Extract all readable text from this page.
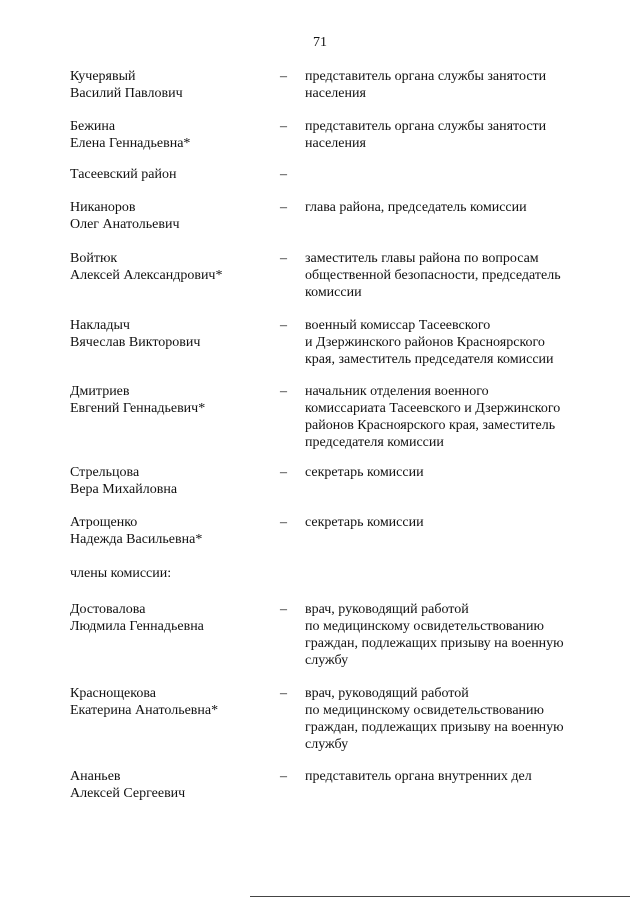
71
Кучерявый
Василий Павлович
– представитель органа службы занятости
населения
Бежина
Елена Геннадьевна*
– представитель органа службы занятости
населения
Тасеевский район	–
Никаноров
Олег Анатольевич
– глава района, председатель комиссии
Войтюк
Алексей Александрович*
– заместитель главы района по вопросам
общественной безопасности, председатель
комиссии
Накладыч
Вячеслав Викторович
– военный комиссар Тасеевского
и Дзержинского районов Красноярского
края, заместитель председателя комиссии
Дмитриев
Евгений Геннадьевич*
– начальник отделения военного
комиссариата Тасеевского и Дзержинского
районов Красноярского края, заместитель
председателя комиссии
Стрельцова
Вера Михайловна
– секретарь комиссии
Атрощенко
Надежда Васильевна*
– секретарь комиссии
Достовалова
Людмила Геннадьевна
– врач, руководящий работой
по медицинскому освидетельствованию
граждан, подлежащих призыву на военную
службу
Краснощекова
Екатерина Анатольевна*
– врач, руководящий работой
по медицинскому освидетельствованию
граждан, подлежащих призыву на военную
службу
Ананьев
Алексей Сергеевич
– представитель органа внутренних дел
члены комиссии:
